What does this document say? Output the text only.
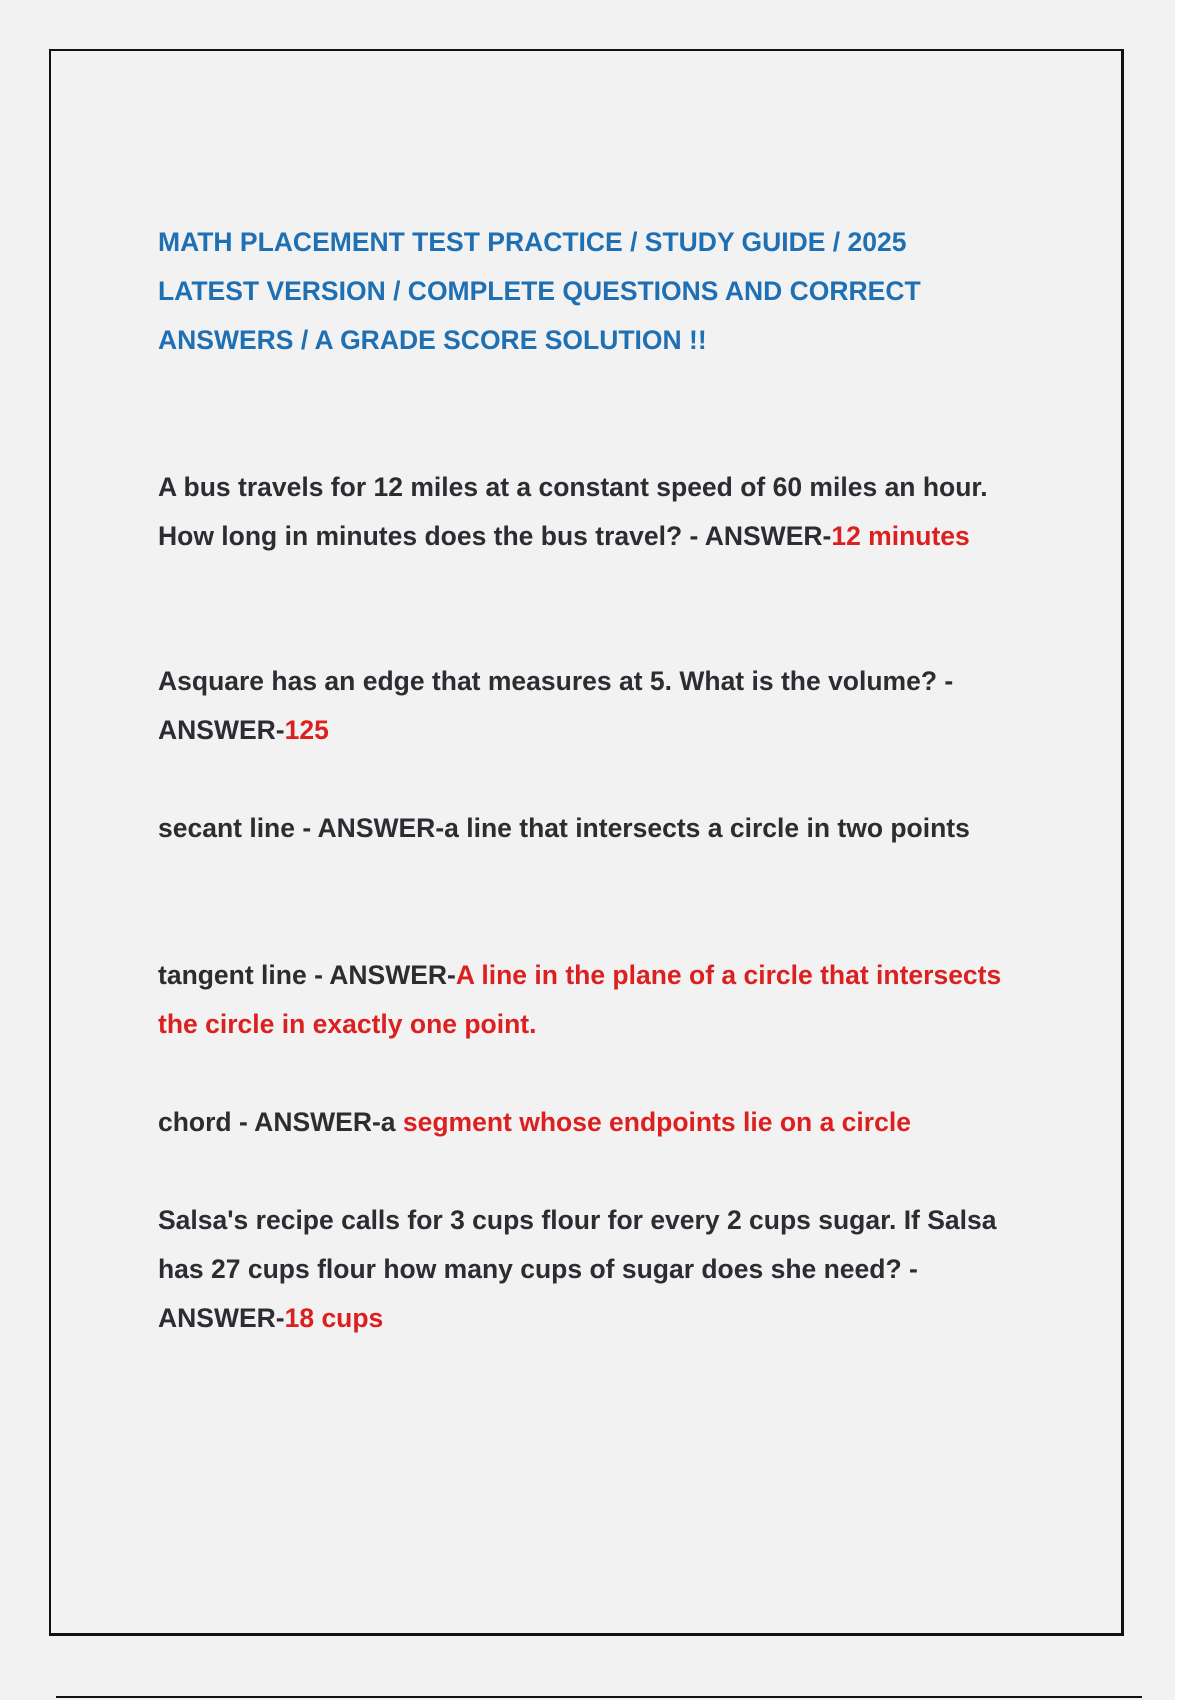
MATH PLACEMENT TEST PRACTICE / STUDY GUIDE / 2025
LATEST VERSION / COMPLETE QUESTIONS AND CORRECT
ANSWERS / A GRADE SCORE SOLUTION !!

A bus travels for 12 miles at a constant speed of 60 miles an hour. How long in minutes does the bus travel? - ANSWER-12 minutes

Asquare has an edge that measures at 5. What is the volume? - ANSWER-125

secant line - ANSWER-a line that intersects a circle in two points

tangent line - ANSWER-A line in the plane of a circle that intersects the circle in exactly one point.

chord - ANSWER-a segment whose endpoints lie on a circle

Salsa's recipe calls for 3 cups flour for every 2 cups sugar. If Salsa has 27 cups flour how many cups of sugar does she need? - ANSWER-18 cups
